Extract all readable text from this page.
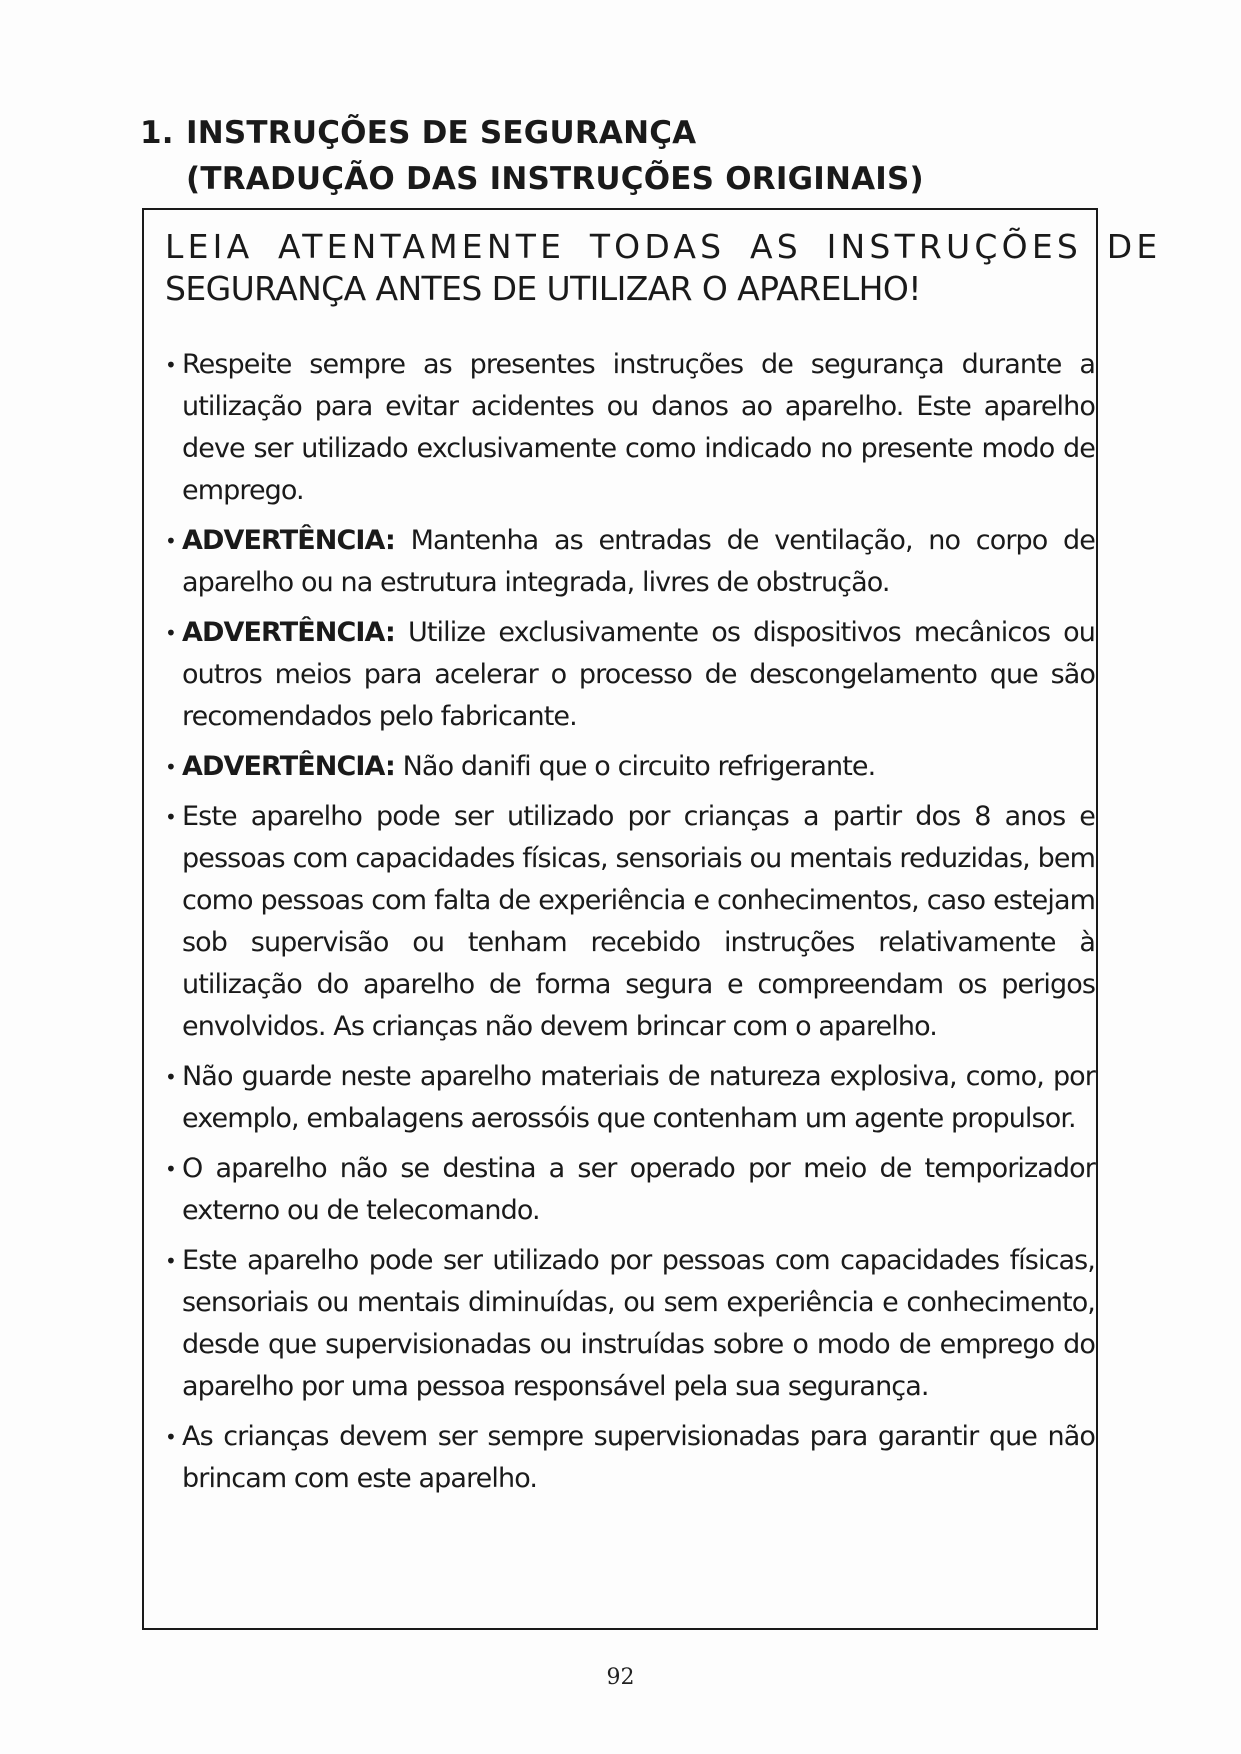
1. INSTRUÇÕES DE SEGURANÇA
(TRADUÇÃO DAS INSTRUÇÕES ORIGINAIS)
LEIA ATENTAMENTE TODAS AS INSTRUÇÕES DE
SEGURANÇA ANTES DE UTILIZAR O APARELHO!
• Respeite sempre as presentes instruções de segurança durante a utilização para evitar acidentes ou danos ao aparelho. Este aparelho deve ser utilizado exclusivamente como indicado no presente modo de emprego.
• ADVERTÊNCIA: Mantenha as entradas de ventilação, no corpo de aparelho ou na estrutura integrada, livres de obstrução.
• ADVERTÊNCIA: Utilize exclusivamente os dispositivos mecânicos ou outros meios para acelerar o processo de descongelamento que são recomendados pelo fabricante.
• ADVERTÊNCIA: Não danifi que o circuito refrigerante.
• Este aparelho pode ser utilizado por crianças a partir dos 8 anos e pessoas com capacidades físicas, sensoriais ou mentais reduzidas, bem como pessoas com falta de experiência e conhecimentos, caso estejam sob supervisão ou tenham recebido instruções relativamente à utilização do aparelho de forma segura e compreendam os perigos envolvidos. As crianças não devem brincar com o aparelho.
• Não guarde neste aparelho materiais de natureza explosiva, como, por exemplo, embalagens aerossóis que contenham um agente propulsor.
• O aparelho não se destina a ser operado por meio de temporizador externo ou de telecomando.
• Este aparelho pode ser utilizado por pessoas com capacidades físicas, sensoriais ou mentais diminuídas, ou sem experiência e conhecimento, desde que supervisionadas ou instruídas sobre o modo de emprego do aparelho por uma pessoa responsável pela sua segurança.
• As crianças devem ser sempre supervisionadas para garantir que não brincam com este aparelho.
92
